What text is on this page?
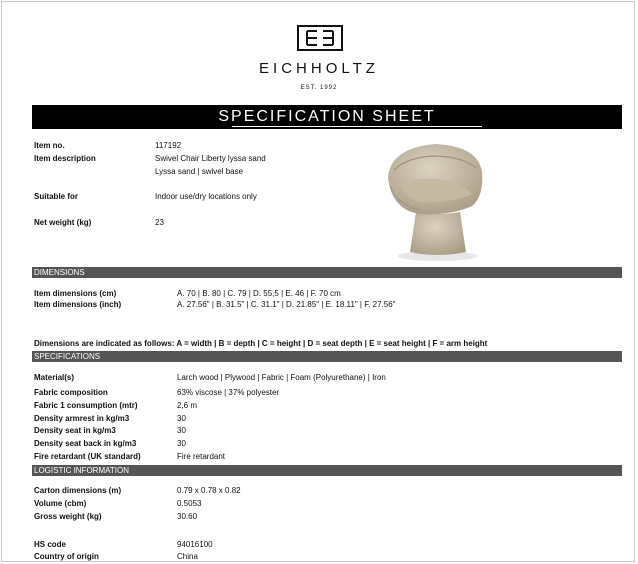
EICHHOLTZ
EST. 1992
SPECIFICATION SHEET
Item no.	117192
Item description	Swivel Chair Liberty lyssa sand
Lyssa sand | swivel base
Suitable for	Indoor use/dry locations only
Net weight (kg)	23
DIMENSIONS
Item dimensions (cm)	A. 70 | B. 80 | C. 79 | D. 55,5 | E. 46 | F. 70 cm
Item dimensions (inch)	A. 27.56" | B. 31.5" | C. 31.1" | D. 21.85" | E. 18.11" | F. 27.56"
Dimensions are indicated as follows: A = width | B = depth | C = height | D = seat depth | E = seat height | F = arm height
SPECIFICATIONS
Material(s)	Larch wood | Plywood | Fabric | Foam (Polyurethane) | Iron
Fabric composition	63% viscose | 37% polyester
Fabric 1 consumption (mtr)	2,6 m
Density armrest in kg/m3	30
Density seat in kg/m3	30
Density seat back in kg/m3	30
Fire retardant (UK standard)	Fire retardant
LOGISTIC INFORMATION
Carton dimensions (m)	0.79 x 0.78 x 0.82
Volume (cbm)	0.5053
Gross weight (kg)	30.60
HS code	94016100
Country of origin	China
